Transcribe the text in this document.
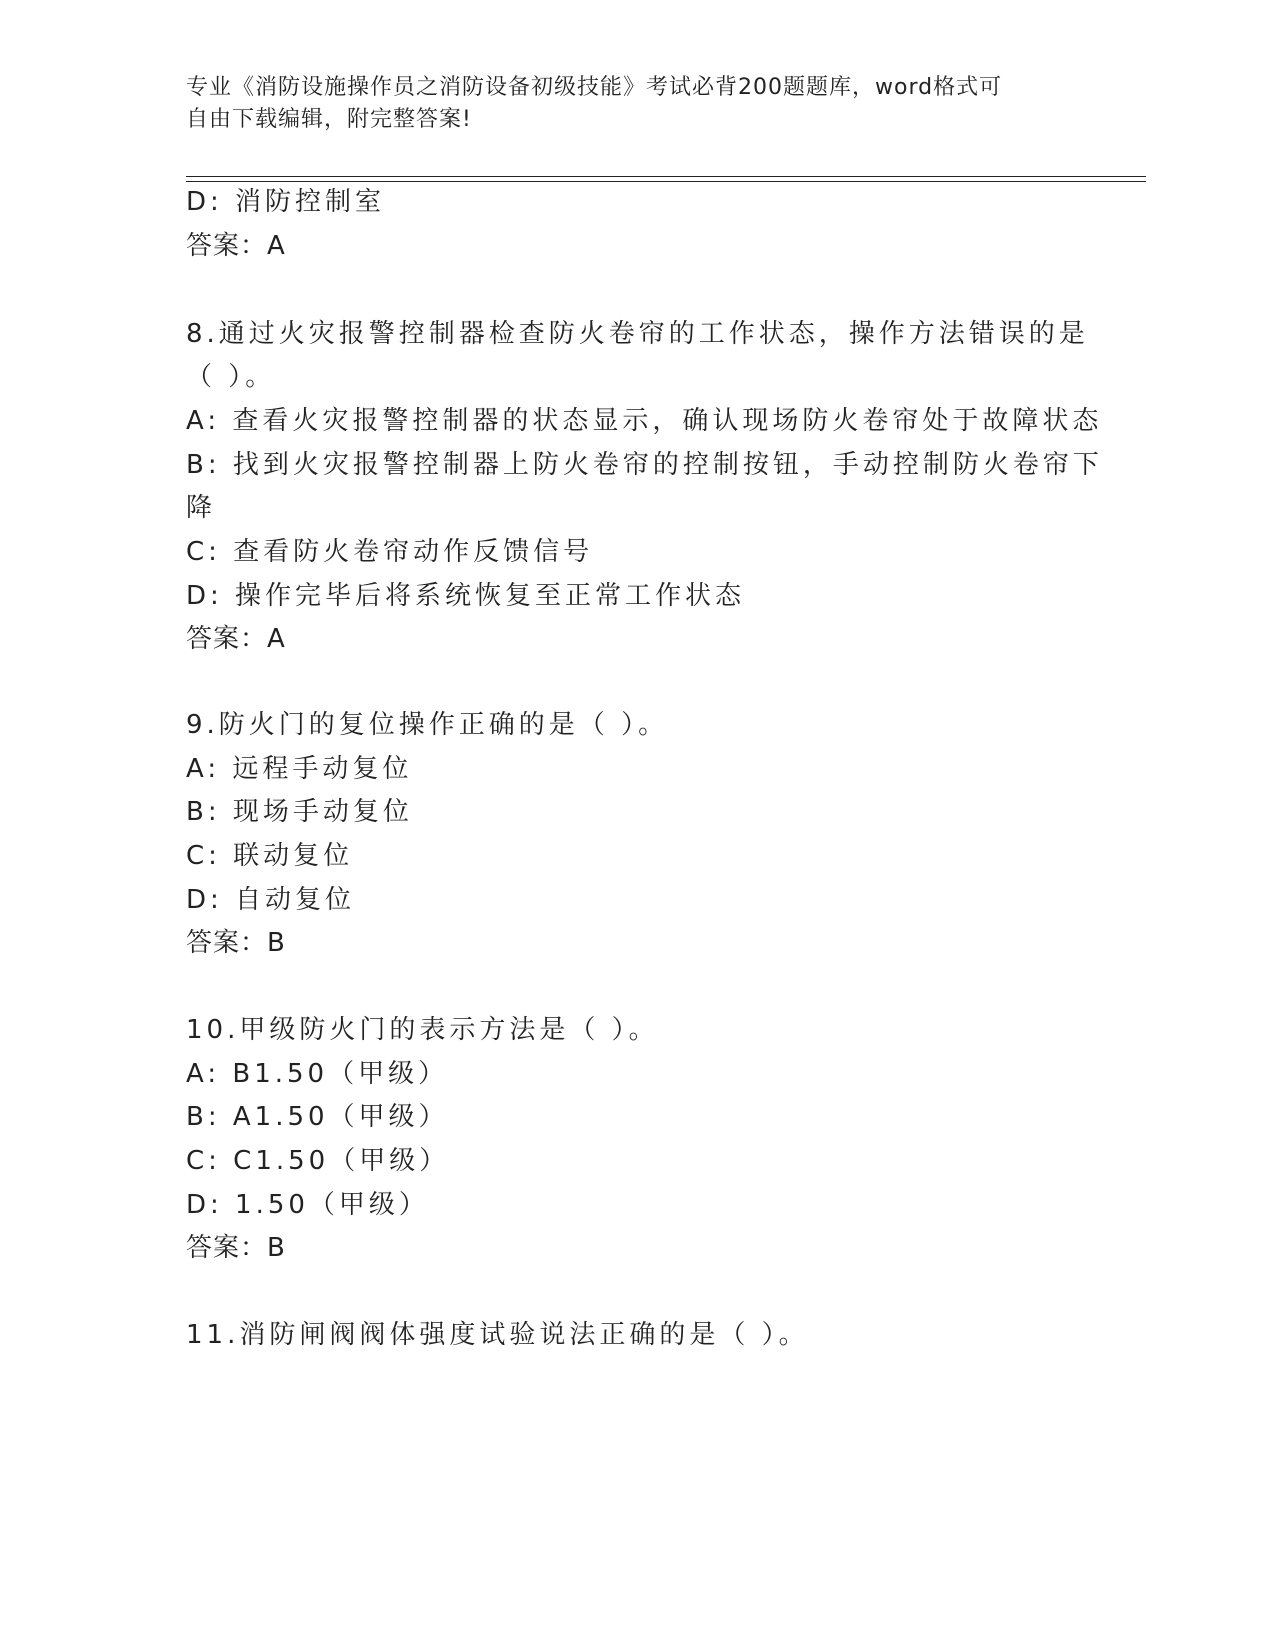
专业《消防设施操作员之消防设备初级技能》考试必背200题题库，word格式可
自由下载编辑，附完整答案!
D: 消防控制室
答案：A
8.通过火灾报警控制器检查防火卷帘的工作状态，操作方法错误的是
（ ）。
A: 查看火灾报警控制器的状态显示，确认现场防火卷帘处于故障状态
B: 找到火灾报警控制器上防火卷帘的控制按钮，手动控制防火卷帘下
降
C: 查看防火卷帘动作反馈信号
D: 操作完毕后将系统恢复至正常工作状态
答案：A
9.防火门的复位操作正确的是（ ）。
A: 远程手动复位
B: 现场手动复位
C: 联动复位
D: 自动复位
答案：B
10.甲级防火门的表示方法是（ ）。
A: B1.50（甲级）
B: A1.50（甲级）
C: C1.50（甲级）
D: 1.50（甲级）
答案：B
11.消防闸阀阀体强度试验说法正确的是（ ）。
